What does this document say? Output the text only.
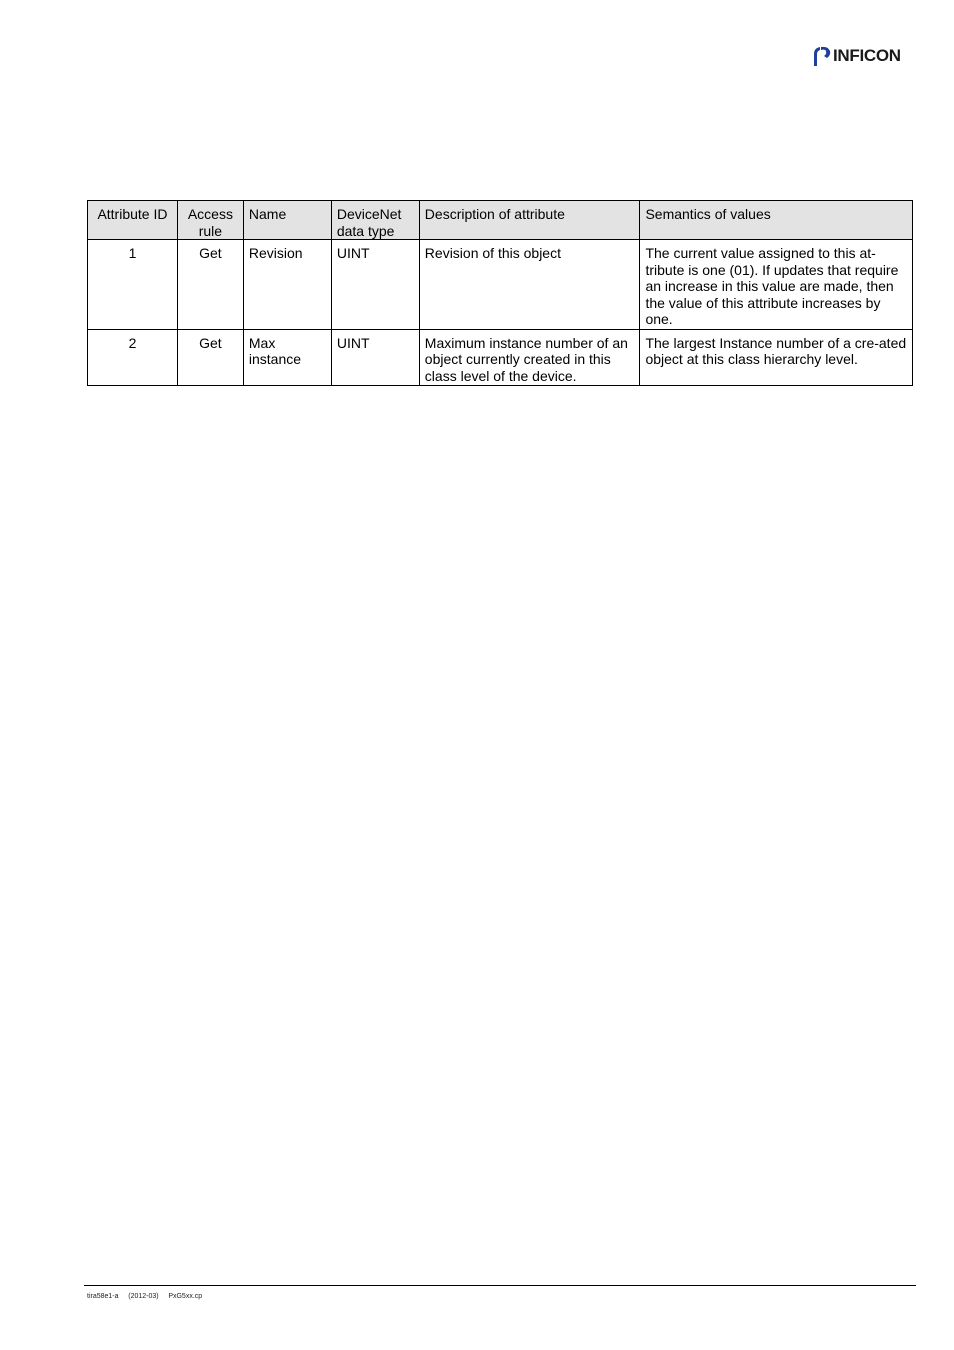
INFICON
Attribute ID	Access rule	Name	DeviceNet data type	Description of attribute	Semantics of values
1	Get	Revision	UINT	Revision of this object	The current value assigned to this at-tribute is one (01). If updates that require an increase in this value are made, then the value of this attribute increases by one.
2	Get	Max instance	UINT	Maximum instance number of an object currently created in this class level of the device.	The largest Instance number of a cre-ated object at this class hierarchy level.
tira58e1-a     (2012-03)     PxG5xx.cp
